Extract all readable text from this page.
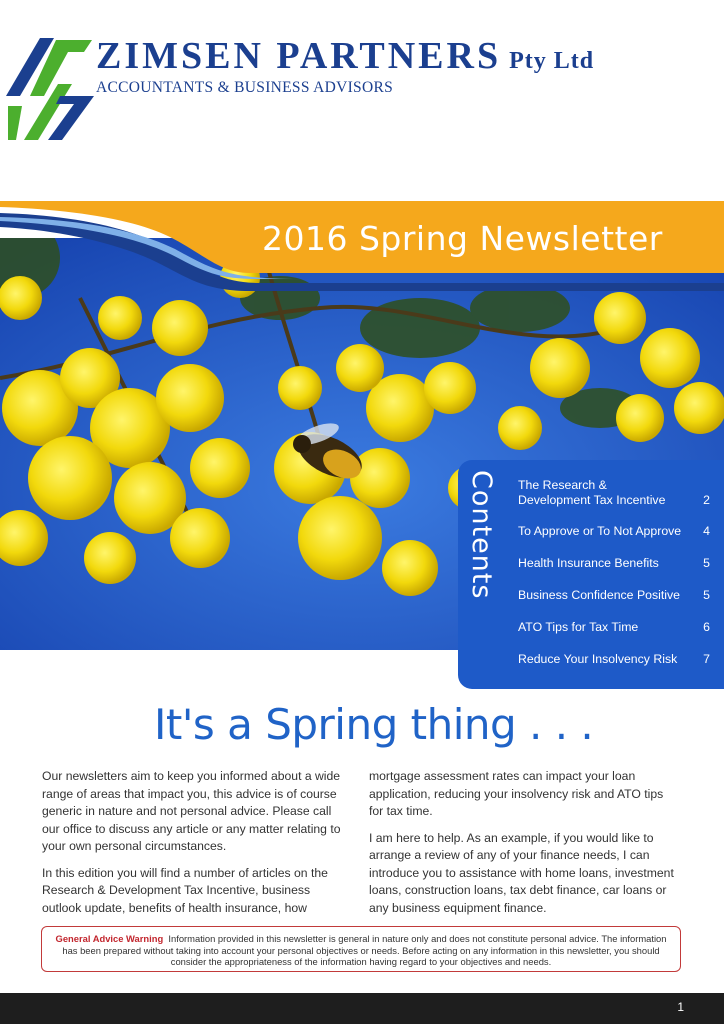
ZIMSEN PARTNERS Pty Ltd
ACCOUNTANTS & BUSINESS ADVISORS
2016 Spring Newsletter
Contents The Research & Development Tax Incentive	2
To Approve or To Not Approve	4
Health Insurance Benefits	5
Business Confidence Positive	5
ATO Tips for Tax Time	6
Reduce Your Insolvency Risk	7
It's a Spring thing . . .

Our newsletters aim to keep you informed about a wide range of areas that impact you, this advice is of course generic in nature and not personal advice. Please call our office to discuss any article or any matter relating to your own personal circumstances.

In this edition you will find a number of articles on the Research & Development Tax Incentive, business outlook update, benefits of health insurance, how

mortgage assessment rates can impact your loan application, reducing your insolvency risk and ATO tips for tax time.

I am here to help. As an example, if you would like to arrange a review of any of your finance needs, I can introduce you to assistance with home loans, investment loans, construction loans, tax debt finance, car loans or any business equipment finance.

General Advice Warning Information provided in this newsletter is general in nature only and does not constitute personal advice. The information has been prepared without taking into account your personal objectives or needs. Before acting on any information in this newsletter, you should consider the appropriateness of the information having regard to your objectives and needs.
1
